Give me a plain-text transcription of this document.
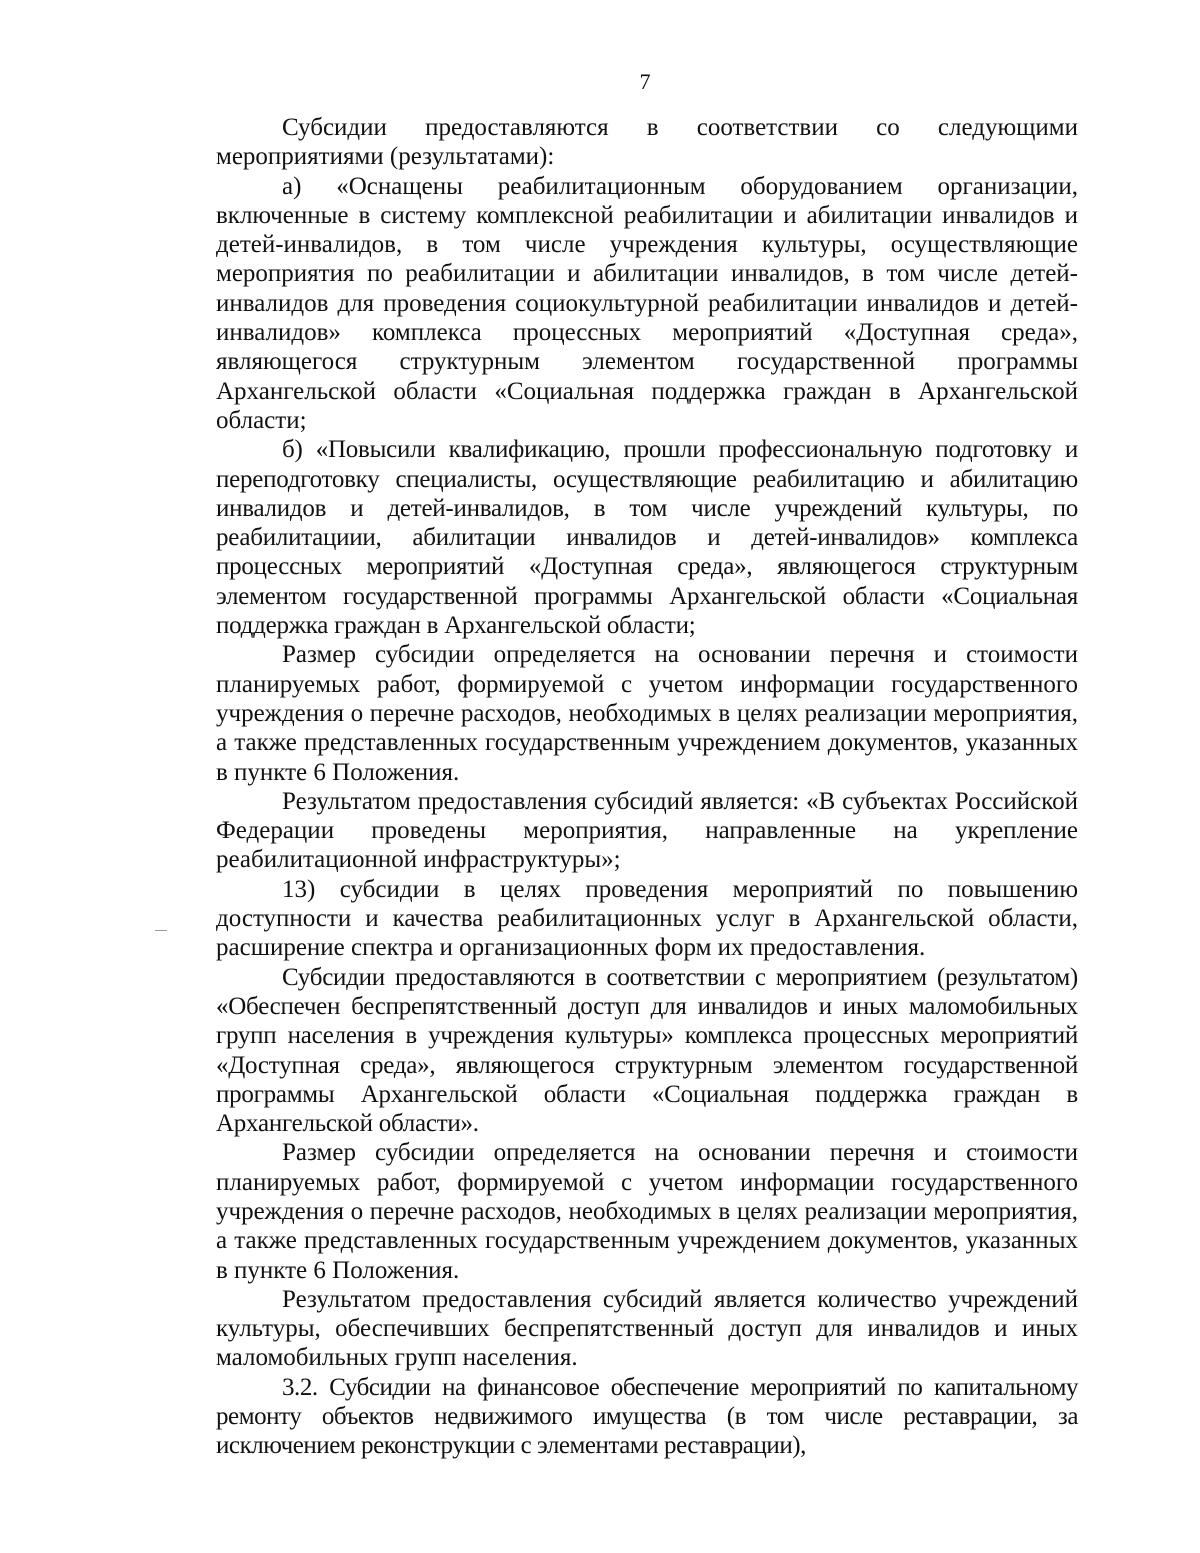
7

Субсидии предоставляются в соответствии со следующими мероприятиями (результатами):

а) «Оснащены реабилитационным оборудованием организации, включенные в систему комплексной реабилитации и абилитации инвалидов и детей-инвалидов, в том числе учреждения культуры, осуществляющие мероприятия по реабилитации и абилитации инвалидов, в том числе детей-инвалидов для проведения социокультурной реабилитации инвалидов и детей-инвалидов» комплекса процессных мероприятий «Доступная среда», являющегося структурным элементом государственной программы Архангельской области «Социальная поддержка граждан в Архангельской области;

б) «Повысили квалификацию, прошли профессиональную подготовку и переподготовку специалисты, осуществляющие реабилитацию и абилитацию инвалидов и детей-инвалидов, в том числе учреждений культуры, по реабилитациии, абилитации инвалидов и детей-инвалидов» комплекса процессных мероприятий «Доступная среда», являющегося структурным элементом государственной программы Архангельской области «Социальная поддержка граждан в Архангельской области;

Размер субсидии определяется на основании перечня и стоимости планируемых работ, формируемой с учетом информации государственного учреждения о перечне расходов, необходимых в целях реализации мероприятия, а также представленных государственным учреждением документов, указанных в пункте 6 Положения.

Результатом предоставления субсидий является: «В субъектах Российской Федерации проведены мероприятия, направленные на укрепление реабилитационной инфраструктуры»;

13) субсидии в целях проведения мероприятий по повышению доступности и качества реабилитационных услуг в Архангельской области, расширение спектра и организационных форм их предоставления.

Субсидии предоставляются в соответствии с мероприятием (результатом) «Обеспечен беспрепятственный доступ для инвалидов и иных маломобильных групп населения в учреждения культуры» комплекса процессных мероприятий «Доступная среда», являющегося структурным элементом государственной программы Архангельской области «Социальная поддержка граждан в Архангельской области».

Размер субсидии определяется на основании перечня и стоимости планируемых работ, формируемой с учетом информации государственного учреждения о перечне расходов, необходимых в целях реализации мероприятия, а также представленных государственным учреждением документов, указанных в пункте 6 Положения.

Результатом предоставления субсидий является количество учреждений культуры, обеспечивших беспрепятственный доступ для инвалидов и иных маломобильных групп населения.

3.2. Субсидии на финансовое обеспечение мероприятий по капитальному ремонту объектов недвижимого имущества (в том числе реставрации, за исключением реконструкции с элементами реставрации),
